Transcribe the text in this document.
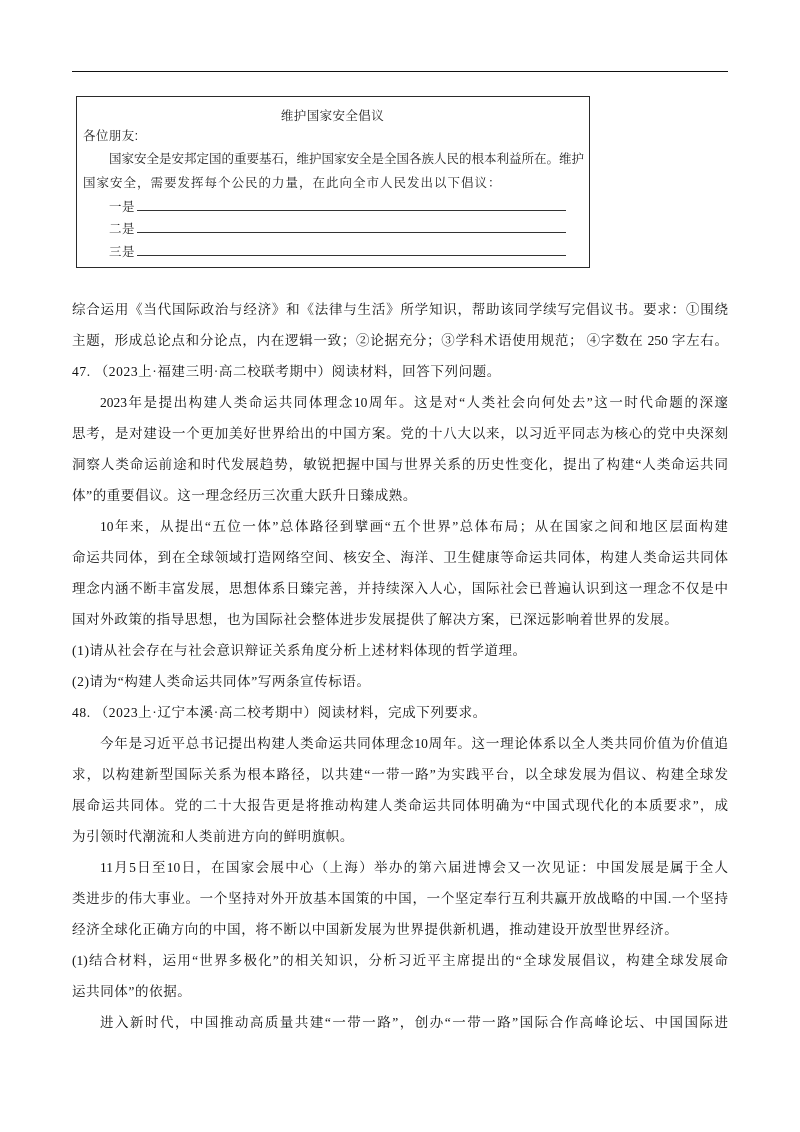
维护国家安全倡议
各位朋友:
国家安全是安邦定国的重要基石，维护国家安全是全国各族人民的根本利益所在。维护
国家安全，需要发挥每个公民的力量，在此向全市人民发出以下倡议：
一是
二是
三是
综合运用《当代国际政治与经济》和《法律与生活》所学知识，帮助该同学续写完倡议书。要求：①围绕
主题，形成总论点和分论点，内在逻辑一致；②论据充分；③学科术语使用规范； ④字数在 250 字左右。
47. （2023上·福建三明·高二校联考期中）阅读材料，回答下列问题。
2023年是提出构建人类命运共同体理念10周年。这是对“人类社会向何处去”这一时代命题的深邃
思考，是对建设一个更加美好世界给出的中国方案。党的十八大以来，以习近平同志为核心的党中央深刻
洞察人类命运前途和时代发展趋势，敏锐把握中国与世界关系的历史性变化，提出了构建“人类命运共同
体”的重要倡议。这一理念经历三次重大跃升日臻成熟。
10年来，从提出“五位一体”总体路径到擘画“五个世界”总体布局；从在国家之间和地区层面构建
命运共同体，到在全球领域打造网络空间、核安全、海洋、卫生健康等命运共同体，构建人类命运共同体
理念内涵不断丰富发展，思想体系日臻完善，并持续深入人心，国际社会已普遍认识到这一理念不仅是中
国对外政策的指导思想，也为国际社会整体进步发展提供了解决方案，已深远影响着世界的发展。
(1)请从社会存在与社会意识辩证关系角度分析上述材料体现的哲学道理。
(2)请为“构建人类命运共同体”写两条宣传标语。
48. （2023上·辽宁本溪·高二校考期中）阅读材料，完成下列要求。
今年是习近平总书记提出构建人类命运共同体理念10周年。这一理论体系以全人类共同价值为价值追
求，以构建新型国际关系为根本路径，以共建“一带一路”为实践平台，以全球发展为倡议、构建全球发
展命运共同体。党的二十大报告更是将推动构建人类命运共同体明确为“中国式现代化的本质要求”，成
为引领时代潮流和人类前进方向的鲜明旗帜。
11月5日至10日，在国家会展中心（上海）举办的第六届进博会又一次见证：中国发展是属于全人
类进步的伟大事业。一个坚持对外开放基本国策的中国，一个坚定奉行互利共赢开放战略的中国.一个坚持
经济全球化正确方向的中国，将不断以中国新发展为世界提供新机遇，推动建设开放型世界经济。
(1)结合材料，运用“世界多极化”的相关知识，分析习近平主席提出的“全球发展倡议，构建全球发展命
运共同体”的依据。
进入新时代，中国推动高质量共建“一带一路”，创办“一带一路”国际合作高峰论坛、中国国际进
